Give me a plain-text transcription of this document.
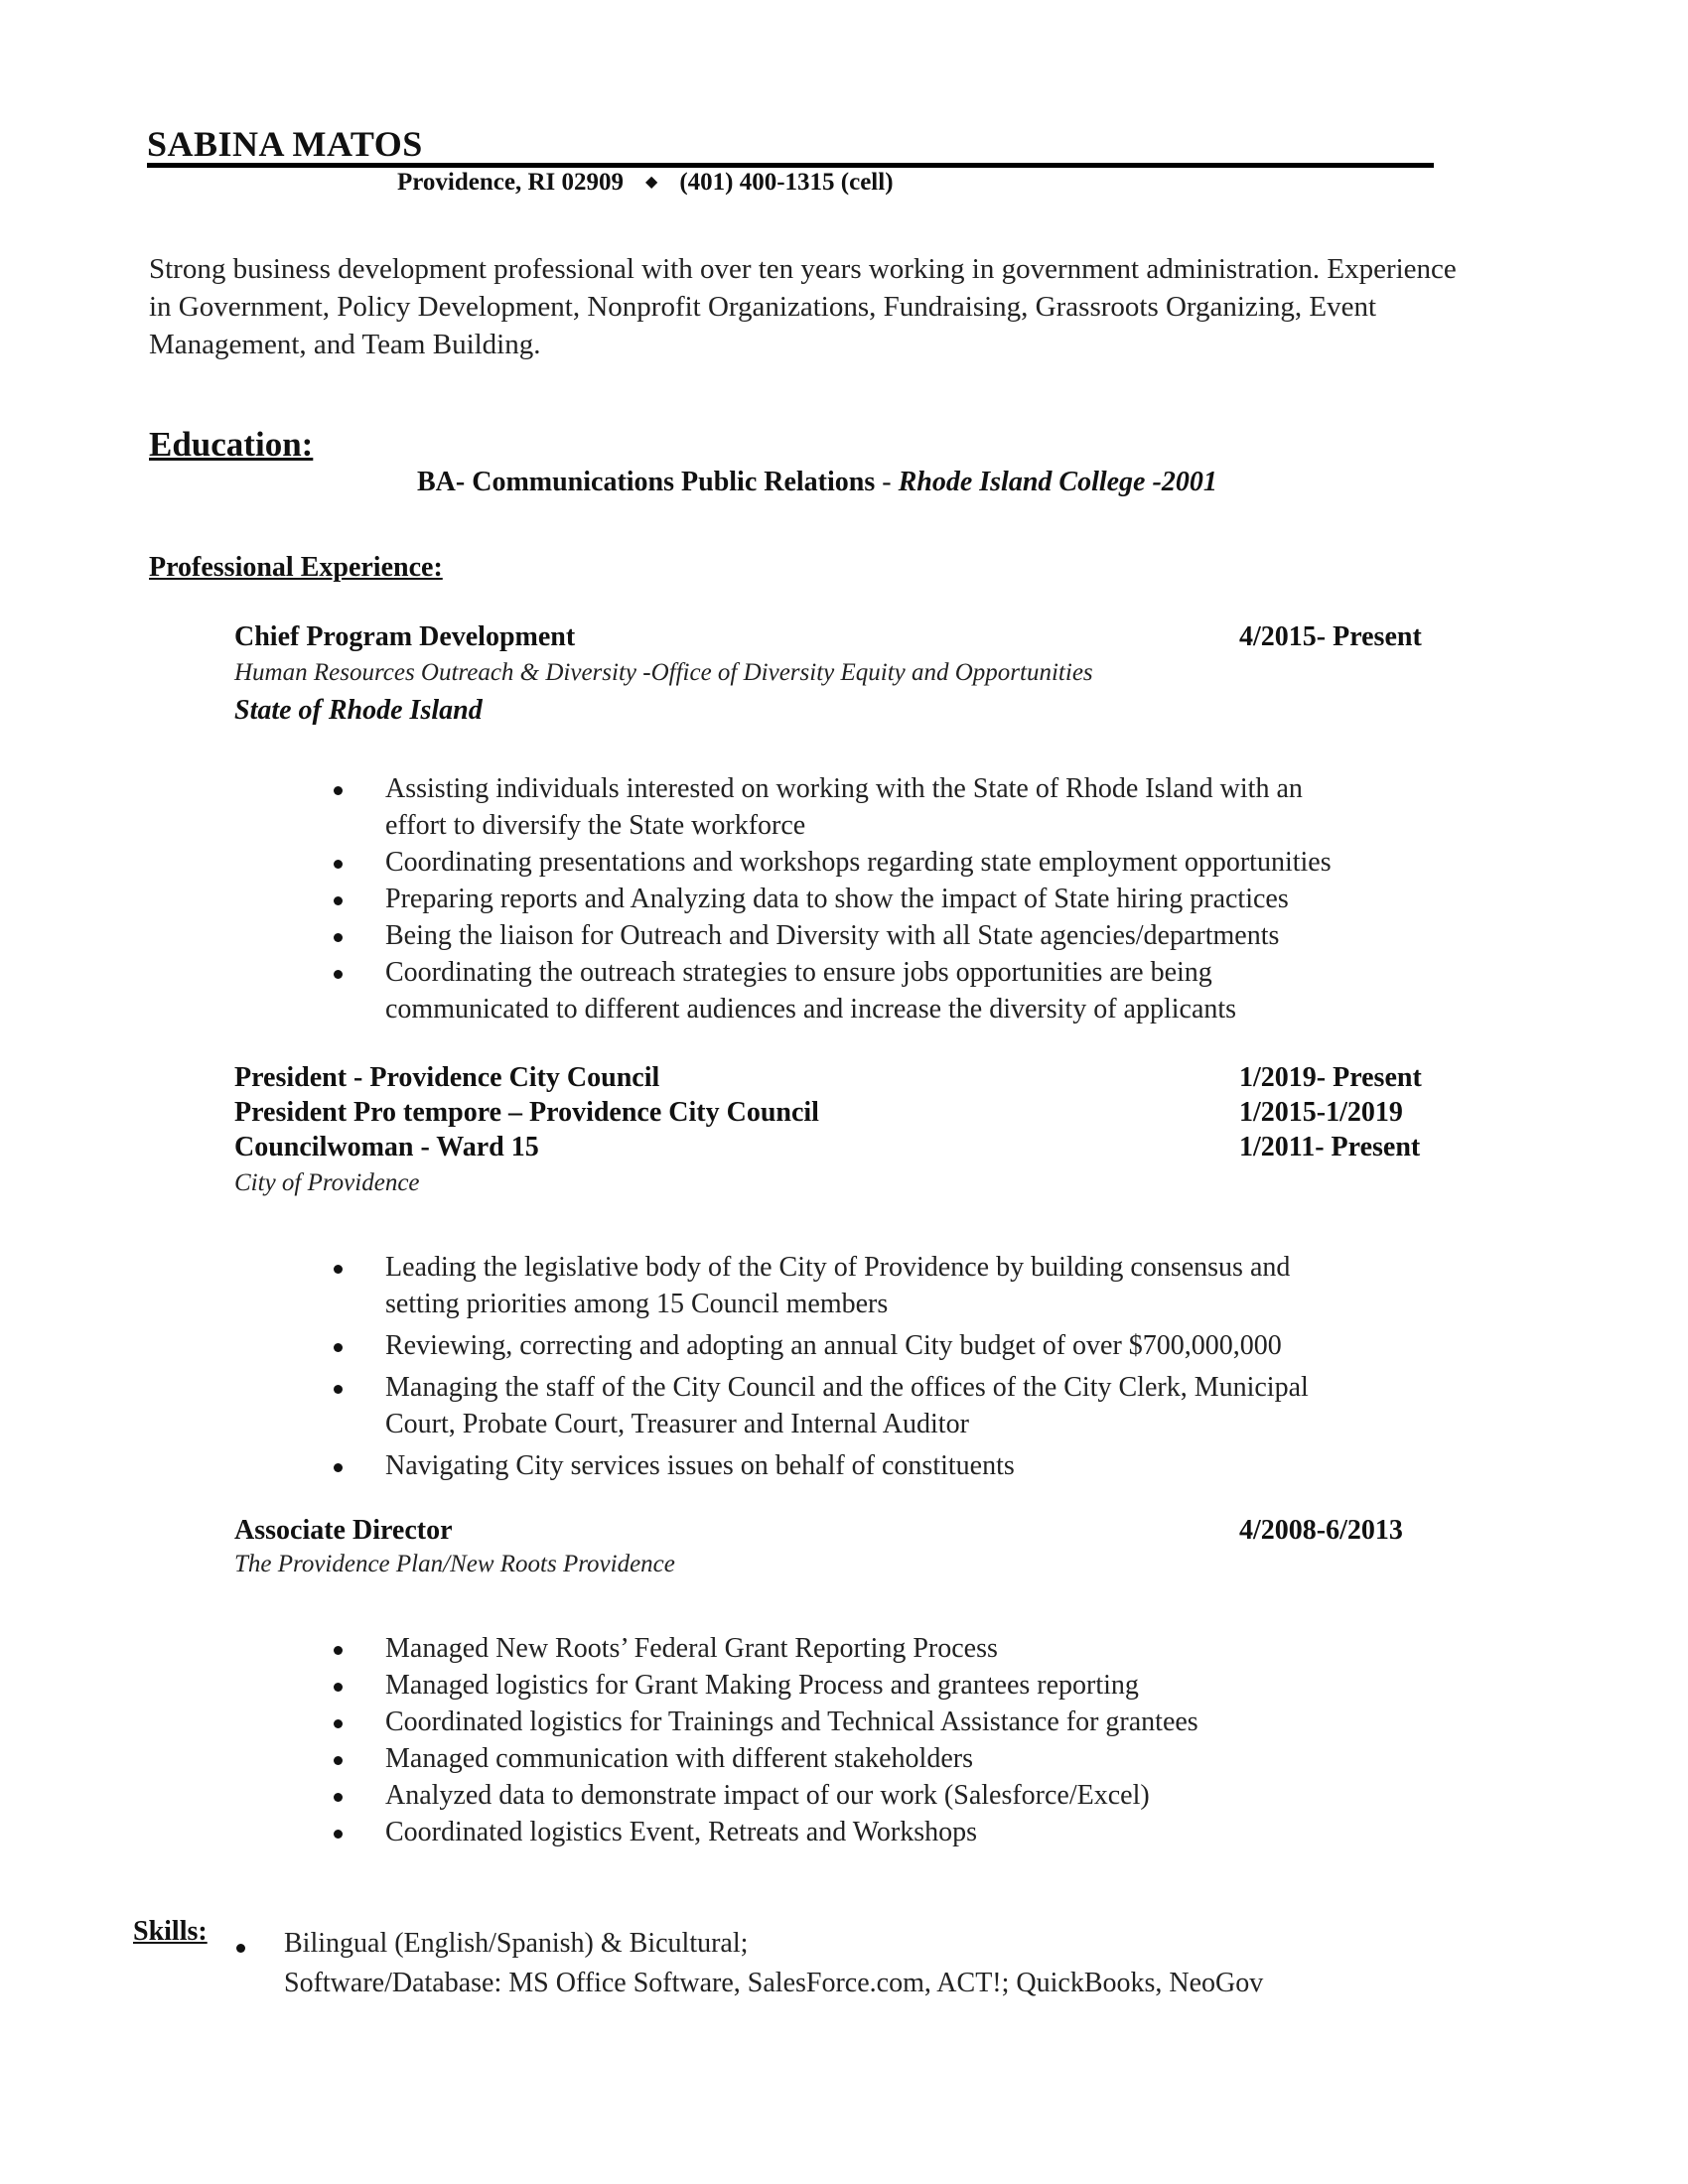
SABINA MATOS
Providence, RI 02909 ◆ (401) 400-1315 (cell)
Strong business development professional with over ten years working in government administration. Experience in Government, Policy Development, Nonprofit Organizations, Fundraising, Grassroots Organizing, Event Management, and Team Building.
Education:
BA- Communications Public Relations - Rhode Island College -2001
Professional Experience:
Chief Program Development	4/2015- Present
Human Resources Outreach & Diversity -Office of Diversity Equity and Opportunities
State of Rhode Island
Assisting individuals interested on working with the State of Rhode Island with an
effort to diversify the State workforce
Coordinating presentations and workshops regarding state employment opportunities
Preparing reports and Analyzing data to show the impact of State hiring practices
Being the liaison for Outreach and Diversity with all State agencies/departments
Coordinating the outreach strategies to ensure jobs opportunities are being
communicated to different audiences and increase the diversity of applicants
President - Providence City Council	1/2019- Present
President Pro tempore – Providence City Council	1/2015-1/2019
Councilwoman - Ward 15	1/2011- Present
City of Providence
Leading the legislative body of the City of Providence by building consensus and
setting priorities among 15 Council members
Reviewing, correcting and adopting an annual City budget of over $700,000,000
Managing the staff of the City Council and the offices of the City Clerk, Municipal
Court, Probate Court, Treasurer and Internal Auditor
Navigating City services issues on behalf of constituents
Associate Director	4/2008-6/2013
The Providence Plan/New Roots Providence
Managed New Roots’ Federal Grant Reporting Process
Managed logistics for Grant Making Process and grantees reporting
Coordinated logistics for Trainings and Technical Assistance for grantees
Managed communication with different stakeholders
Analyzed data to demonstrate impact of our work (Salesforce/Excel)
Coordinated logistics Event, Retreats and Workshops
Skills:	Bilingual (English/Spanish) & Bicultural;
Software/Database: MS Office Software, SalesForce.com, ACT!; QuickBooks, NeoGov
